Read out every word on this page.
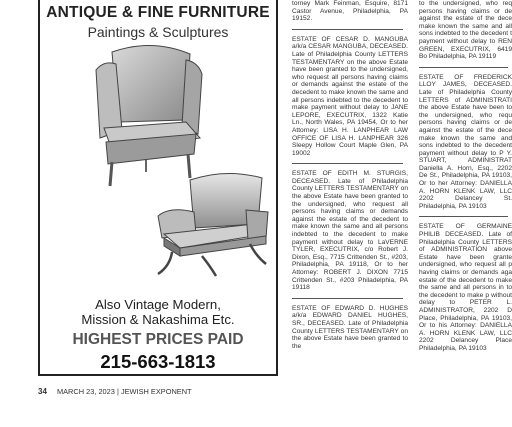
ANTIQUE & FINE FURNITURE
Paintings & Sculptures
Also Vintage Modern,
Mission & Nakashima Etc.
HIGHEST PRICES PAID
215-663-1813

torney Mark Feinman, Esquire, 8171 Castor Avenue, Philadelphia, PA 19152.

ESTATE OF CESAR D. MANGUBA a/k/a CESAR MANGUBA, DECEASED. Late of Philadelphia County LETTERS TESTAMENTARY on the above Estate have been granted to the undersigned, who request all persons having claims or demands against the estate of the decedent to make known the same and all persons indebted to the decedent to make payment without delay to JANE LEPORE, EXECUTRIX, 1322 Katie Ln., North Wales, PA 19454, Or to her Attorney: LISA H. LANPHEAR LAW OFFICE OF LISA H. LANPHEAR 326 Sleepy Hollow Court Maple Glen, PA 19002

ESTATE OF EDITH M. STURGIS, DECEASED. Late of Philadelphia County LETTERS TESTAMENTARY on the above Estate have been granted to the undersigned, who request all persons having claims or demands against the estate of the decedent to make known the same and all persons indebted to the decedent to make payment without delay to LaVERNE TYLER, EXECUTRIX, c/o Robert J. Dixon, Esq., 7715 Crittenden St., #203, Philadelphia, PA 19118, Or to her Attorney: ROBERT J. DIXON 7715 Crittenden St., #203 Philadelphia, PA 19118

ESTATE OF EDWARD D. HUGHES a/k/a EDWARD DANIEL HUGHES, SR., DECEASED. Late of Philadelphia County LETTERS TESTAMENTARY on the above Estate have been granted to the

to the undersigned, who req persons having claims or de against the estate of the dece make known the same and all sons indebted to the decedent t payment without delay to REN GREEN, EXECUTRIX, 6419 Bo Philadelphia, PA 19119

ESTATE OF FREDERICK LLOY JAMES, DECEASED. Late of Philadelphia County LETTERS of ADMINISTRATI the above Estate have been to the undersigned, who requ persons having claims or de against the estate of the dece make known the same and sons indebted to the decedent payment without delay to P Y. STUART, ADMINISTRAT Daniella A. Horn, Esq., 2202 De St., Philadelphia, PA 19103, Or to her Attorney: DANIELLA A. HORN KLENK LAW, LLC 2202 Delancey St. Philadelphia, PA 19103

ESTATE OF GERMAINE PHILIB DECEASED. Late of Philadelphia County LETTERS of ADMINISTRATION above Estate have been grante undersigned, who request all p having claims or demands aga estate of the decedent to make the same and all persons in to the decedent to make p without delay to PETER L. ADMINISTRATOR, 2202 D Place, Philadelphia, PA 19103, Or to his Attorney: DANIELLA A. HORN KLENK LAW, LLC 2202 Delancey Place Philadelphia, PA 19103

34 MARCH 23, 2023 | JEWISH EXPONENT
